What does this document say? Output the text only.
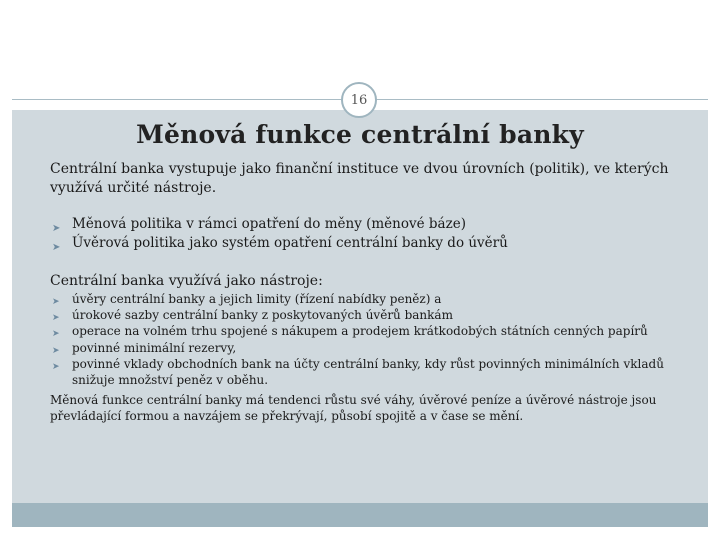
16
Měnová funkce centrální banky
Centrální banka vystupuje jako finanční instituce ve dvou úrovních (politik), ve kterých využívá určité nástroje.
➤ Měnová politika v rámci opatření do měny (měnové báze)
➤ Úvěrová politika jako systém opatření centrální banky do úvěrů
Centrální banka využívá jako nástroje:
➤ úvěry centrální banky a jejich limity (řízení nabídky peněz) a
➤ úrokové sazby centrální banky z poskytovaných úvěrů bankám
➤ operace na volném trhu spojené s nákupem a prodejem krátkodobých státních cenných papírů
➤ povinné minimální rezervy,
➤ povinné vklady obchodních bank na účty centrální banky, kdy růst povinných minimálních vkladů snižuje množství peněz v oběhu.
Měnová funkce centrální banky má tendenci růstu své váhy, úvěrové peníze a úvěrové nástroje jsou převládající formou a navzájem se překrývají, působí spojitě a v čase se mění.
